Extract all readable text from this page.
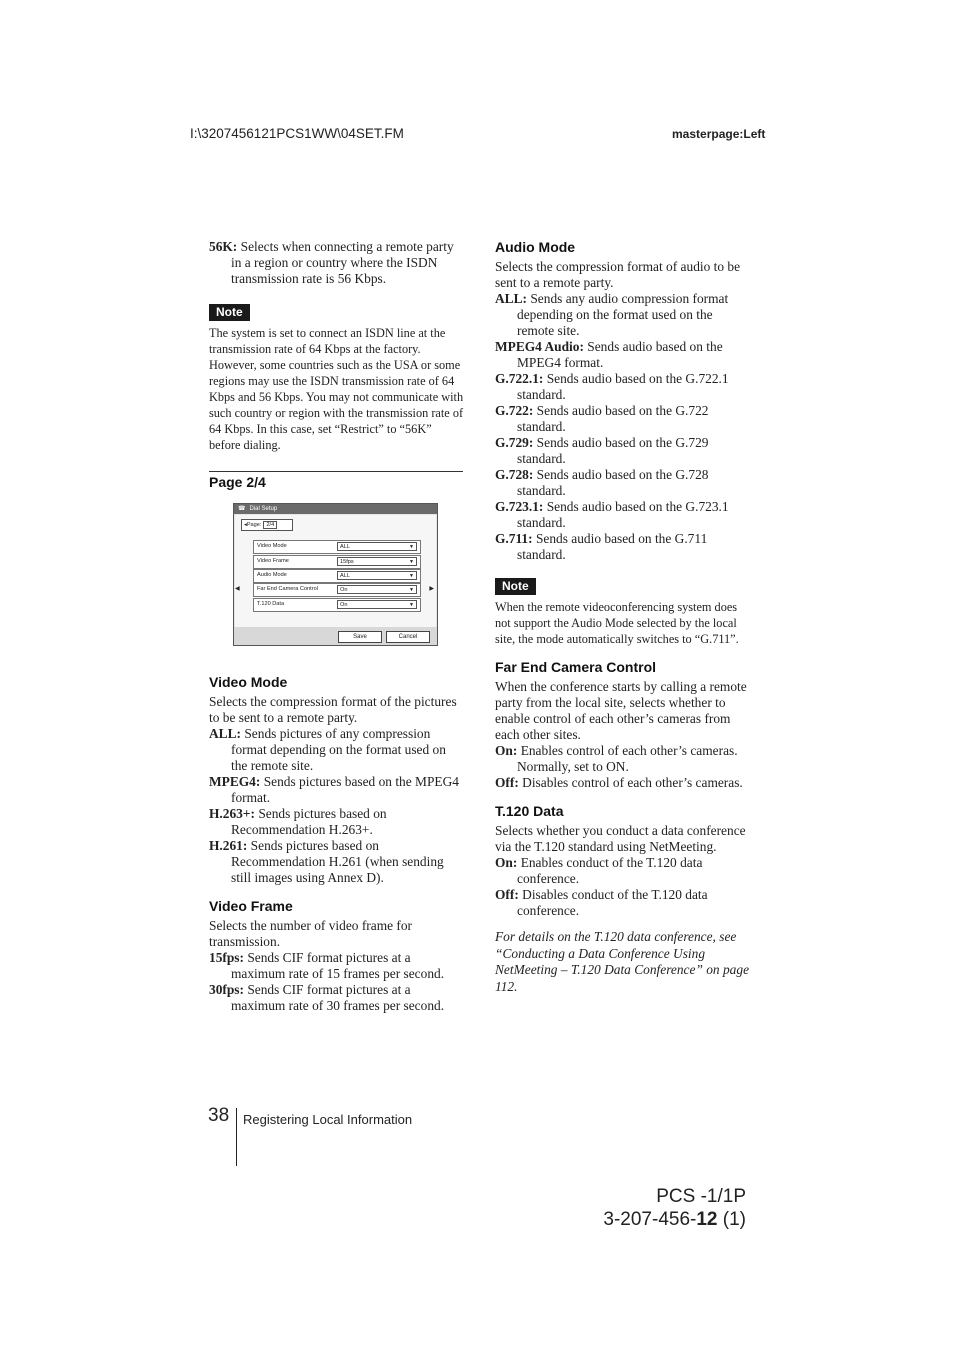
I:\3207456121PCS1WW\04SET.FM	masterpage:Left

56K: Selects when connecting a remote party in a region or country where the ISDN transmission rate is 56 Kbps.

Note
The system is set to connect an ISDN line at the transmission rate of 64 Kbps at the factory. However, some countries such as the USA or some regions may use the ISDN transmission rate of 64 Kbps and 56 Kbps. You may not communicate with such country or region with the transmission rate of 64 Kbps. In this case, set “Restrict” to “56K” before dialing.
Page 2/4
Video Mode

Selects the compression format of the pictures to be sent to a remote party.

ALL: Sends pictures of any compression format depending on the format used on the remote site.

MPEG4: Sends pictures based on the MPEG4 format.

H.263+: Sends pictures based on Recommendation H.263+.

H.261: Sends pictures based on Recommendation H.261 (when sending still images using Annex D).

Video Frame

Selects the number of video frame for transmission.

15fps: Sends CIF format pictures at a maximum rate of 15 frames per second.

30fps: Sends CIF format pictures at a maximum rate of 30 frames per second.

☎ Dial Setup
◂Page: 2/4
◀	▶
Video Mode	ALL	▼
Video Frame	15fps	▼
Audio Mode	ALL	▼
Far End Camera Control	On	▼
T.120 Data	On	▼
Save	Cancel
Audio Mode

Selects the compression format of audio to be sent to a remote party.

ALL: Sends any audio compression format depending on the format used on the remote site.

MPEG4 Audio: Sends audio based on the MPEG4 format.

G.722.1: Sends audio based on the G.722.1 standard.

G.722: Sends audio based on the G.722 standard.

G.729: Sends audio based on the G.729 standard.

G.728: Sends audio based on the G.728 standard.

G.723.1: Sends audio based on the G.723.1 standard.

G.711: Sends audio based on the G.711 standard.

Note
When the remote videoconferencing system does not support the Audio Mode selected by the local site, the mode automatically switches to “G.711”.
Far End Camera Control

When the conference starts by calling a remote party from the local site, selects whether to enable control of each other’s cameras from each other sites.

On: Enables control of each other’s cameras. Normally, set to ON.

Off: Disables control of each other’s cameras.

T.120 Data

Selects whether you conduct a data conference via the T.120 standard using NetMeeting.

On: Enables conduct of the T.120 data conference.

Off: Disables conduct of the T.120 data conference.

For details on the T.120 data conference, see “Conducting a Data Conference Using NetMeeting – T.120 Data Conference” on page 112.

38 Registering Local Information
PCS -1/1P
3-207-456-12 (1)
